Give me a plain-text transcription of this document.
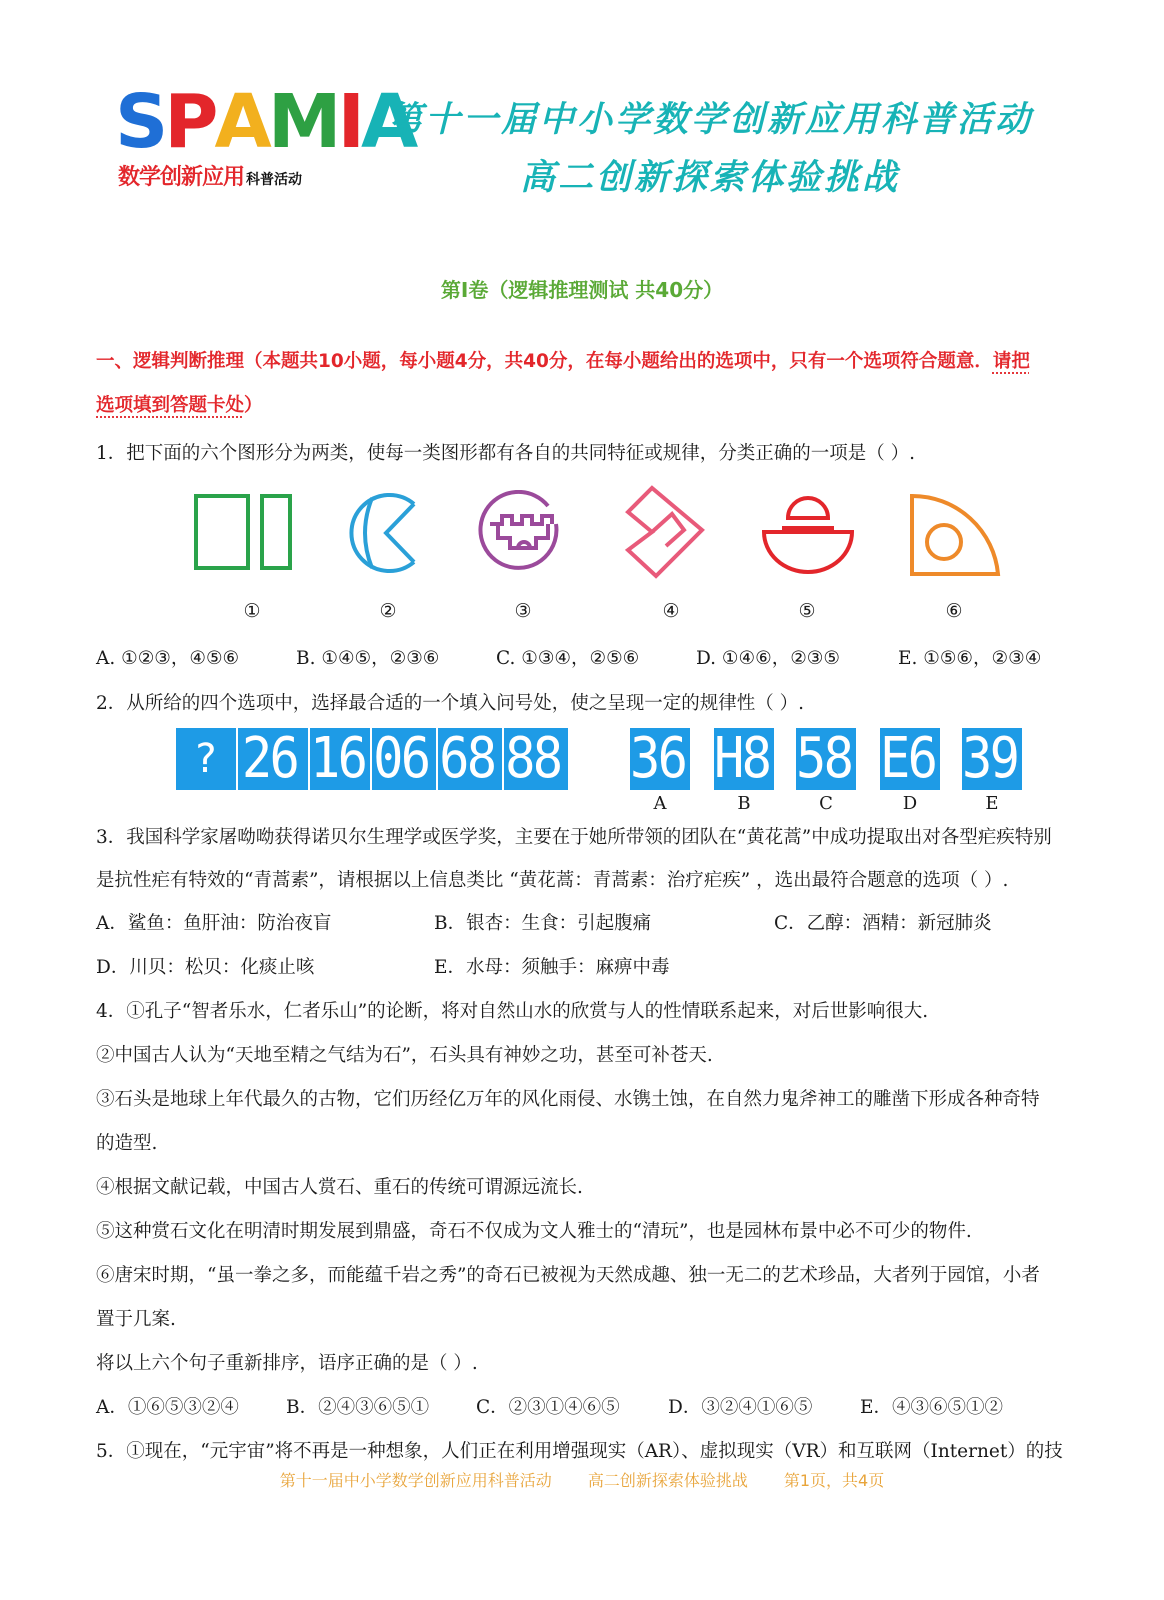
SPAMIA
数学创新应用 科普活动
第十一届中小学数学创新应用科普活动
高二创新探索体验挑战
第Ⅰ卷（逻辑推理测试 共40分）
一、逻辑判断推理（本题共10小题，每小题4分，共40分，在每小题给出的选项中，只有一个选项符合题意．请把
选项填到答题卡处）
1．把下面的六个图形分为两类，使每一类图形都有各自的共同特征或规律，分类正确的一项是（ ）.
①	②	③	④	⑤	⑥
A. ①②③，④⑤⑥	B. ①④⑤，②③⑥	C. ①③④，②⑤⑥	D. ①④⑥，②③⑤	E. ①⑤⑥，②③④
2．从所给的四个选项中，选择最合适的一个填入问号处，使之呈现一定的规律性（ ）.
? 26 16 06 68 88 36 H8 58 E6 39
A	B	C	D	E
3．我国科学家屠呦呦获得诺贝尔生理学或医学奖，主要在于她所带领的团队在“黄花蒿”中成功提取出对各型疟疾特别
是抗性疟有特效的“青蒿素”，请根据以上信息类比 “黄花蒿：青蒿素：治疗疟疾” ，选出最符合题意的选项（ ）.
A．鲨鱼：鱼肝油：防治夜盲	B．银杏：生食：引起腹痛	C．乙醇：酒精：新冠肺炎
D．川贝：松贝：化痰止咳	E．水母：须触手：麻痹中毒
4．①孔子“智者乐水，仁者乐山”的论断，将对自然山水的欣赏与人的性情联系起来，对后世影响很大.
②中国古人认为“天地至精之气结为石”，石头具有神妙之功，甚至可补苍天.
③石头是地球上年代最久的古物，它们历经亿万年的风化雨侵、水镌土蚀，在自然力鬼斧神工的雕凿下形成各种奇特
的造型.
④根据文献记载，中国古人赏石、重石的传统可谓源远流长.
⑤这种赏石文化在明清时期发展到鼎盛，奇石不仅成为文人雅士的“清玩”，也是园林布景中必不可少的物件.
⑥唐宋时期，“虽一拳之多，而能蕴千岩之秀”的奇石已被视为天然成趣、独一无二的艺术珍品，大者列于园馆，小者
置于几案.
将以上六个句子重新排序，语序正确的是（ ）.
A．①⑥⑤③②④	B．②④③⑥⑤①	C．②③①④⑥⑤	D．③②④①⑥⑤	E．④③⑥⑤①②
5．①现在，“元宇宙”将不再是一种想象，人们正在利用增强现实（AR）、虚拟现实（VR）和互联网（Internet）的技
第十一届中小学数学创新应用科普活动 高二创新探索体验挑战 第1页，共4页
